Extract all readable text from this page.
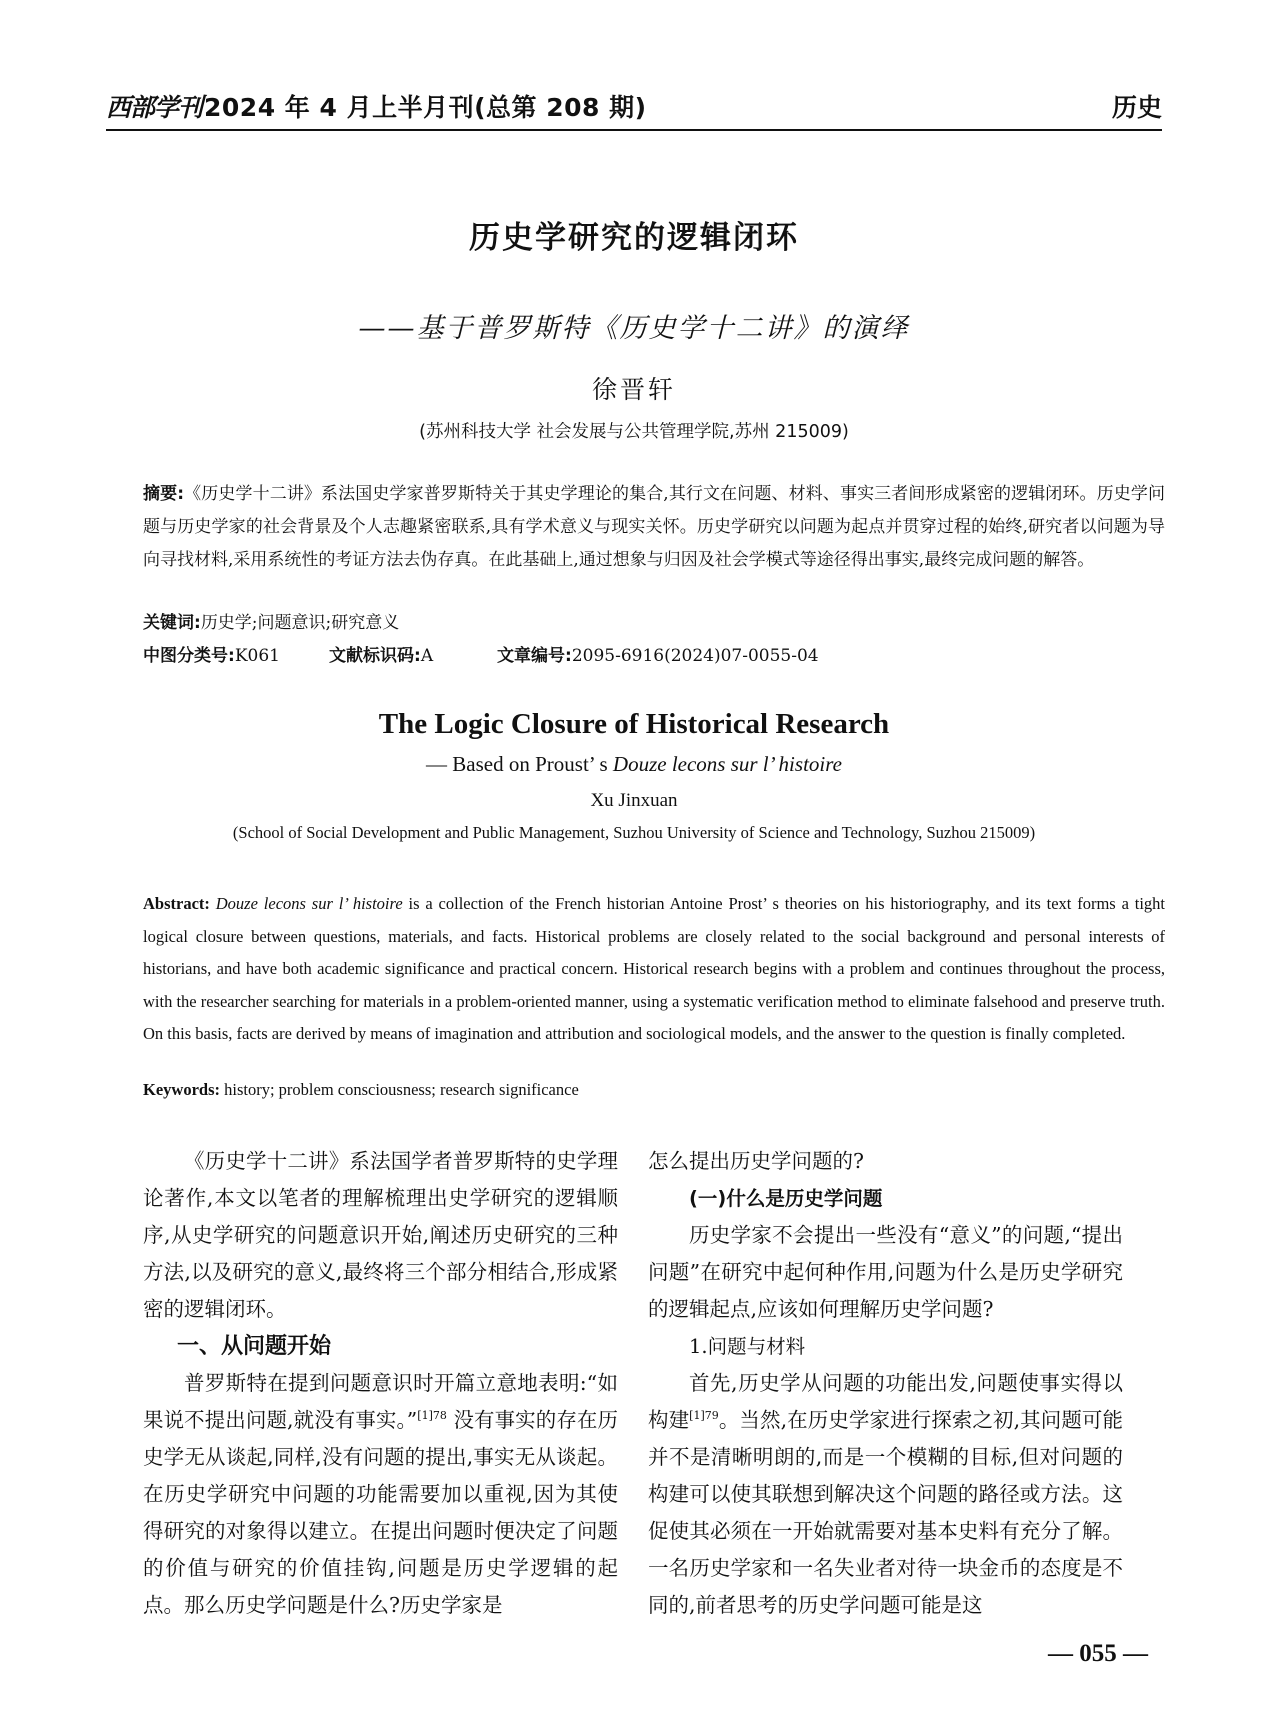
西部学刊2024 年 4 月上半月刊(总第 208 期)	历史
历史学研究的逻辑闭环
——基于普罗斯特《历史学十二讲》的演绎
徐晋轩
(苏州科技大学 社会发展与公共管理学院,苏州 215009)
摘要:《历史学十二讲》系法国史学家普罗斯特关于其史学理论的集合,其行文在问题、材料、事实三者间形成紧密的逻辑闭环。历史学问题与历史学家的社会背景及个人志趣紧密联系,具有学术意义与现实关怀。历史学研究以问题为起点并贯穿过程的始终,研究者以问题为导向寻找材料,采用系统性的考证方法去伪存真。在此基础上,通过想象与归因及社会学模式等途径得出事实,最终完成问题的解答。
关键词:历史学;问题意识;研究意义
中图分类号:K061	文献标识码:A	文章编号:2095-6916(2024)07-0055-04
The Logic Closure of Historical Research
— Based on Proust’ s Douze lecons sur l’ histoire
Xu Jinxuan
(School of Social Development and Public Management, Suzhou University of Science and Technology, Suzhou 215009)
Abstract: Douze lecons sur l’ histoire is a collection of the French historian Antoine Prost’ s theories on his historiography, and its text forms a tight logical closure between questions, materials, and facts. Historical problems are closely related to the social background and personal interests of historians, and have both academic significance and practical concern. Historical research begins with a problem and continues throughout the process, with the researcher searching for materials in a problem-oriented manner, using a systematic verification method to eliminate falsehood and preserve truth. On this basis, facts are derived by means of imagination and attribution and sociological models, and the answer to the question is finally completed.
Keywords: history; problem consciousness; research significance

《历史学十二讲》系法国学者普罗斯特的史学理论著作,本文以笔者的理解梳理出史学研究的逻辑顺序,从史学研究的问题意识开始,阐述历史研究的三种方法,以及研究的意义,最终将三个部分相结合,形成紧密的逻辑闭环。

一、从问题开始

普罗斯特在提到问题意识时开篇立意地表明:“如果说不提出问题,就没有事实。”$^{[1]78}$ 没有事实的存在历史学无从谈起,同样,没有问题的提出,事实无从谈起。在历史学研究中问题的功能需要加以重视,因为其使得研究的对象得以建立。在提出问题时便决定了问题的价值与研究的价值挂钩,问题是历史学逻辑的起点。那么历史学问题是什么?历史学家是

怎么提出历史学问题的?

(一)什么是历史学问题

历史学家不会提出一些没有“意义”的问题,“提出问题”在研究中起何种作用,问题为什么是历史学研究的逻辑起点,应该如何理解历史学问题?

1.问题与材料

首先,历史学从问题的功能出发,问题使事实得以构建$^{[1]79}$。当然,在历史学家进行探索之初,其问题可能并不是清晰明朗的,而是一个模糊的目标,但对问题的构建可以使其联想到解决这个问题的路径或方法。这促使其必须在一开始就需要对基本史料有充分了解。一名历史学家和一名失业者对待一块金币的态度是不同的,前者思考的历史学问题可能是这

— 055 —
